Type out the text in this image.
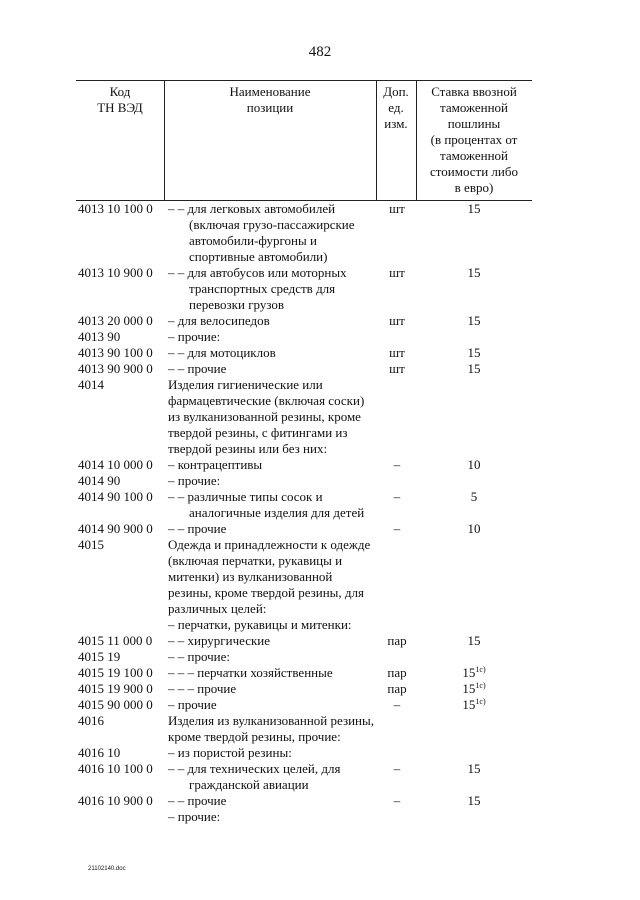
482
Код
ТН ВЭД
Наименование
позиции
Доп.
ед.
изм.
Ставка ввозной
таможенной
пошлины
(в процентах от
таможенной
стоимости либо
в евро)
4013 10 100 0	– – для легковых автомобилей
(включая грузо-пассажирские
автомобили-фургоны и
спортивные автомобили)
шт	15
4013 10 900 0	– – для автобусов или моторных
транспортных средств для
перевозки грузов
шт	15
4013 20 000 0	– для велосипедов	шт	15
4013 90	– прочие:
4013 90 100 0	– – для мотоциклов	шт	15
4013 90 900 0	– – прочие	шт	15
4014	Изделия гигиенические или
фармацевтические (включая соски)
из вулканизованной резины, кроме
твердой резины, с фитингами из
твердой резины или без них:
4014 10 000 0	– контрацептивы	–	10
4014 90	– прочие:
4014 90 100 0	– – различные типы сосок и
аналогичные изделия для детей
–	5
4014 90 900 0	– – прочие	–	10
4015	Одежда и принадлежности к одежде
(включая перчатки, рукавицы и
митенки) из вулканизованной
резины, кроме твердой резины, для
различных целей:
– перчатки, рукавицы и митенки:
4015 11 000 0	– – хирургические	пар	15
4015 19	– – прочие:
4015 19 100 0	– – – перчатки хозяйственные	пар	$15^{1с)}$
4015 19 900 0	– – – прочие	пар	$15^{1с)}$
4015 90 000 0	– прочие	–	$15^{1с)}$
4016	Изделия из вулканизованной резины,
кроме твердой резины, прочие:
4016 10	– из пористой резины:
4016 10 100 0	– – для технических целей, для
гражданской авиации
–	15
4016 10 900 0	– – прочие	–	15
– прочие:
21102140.doc
